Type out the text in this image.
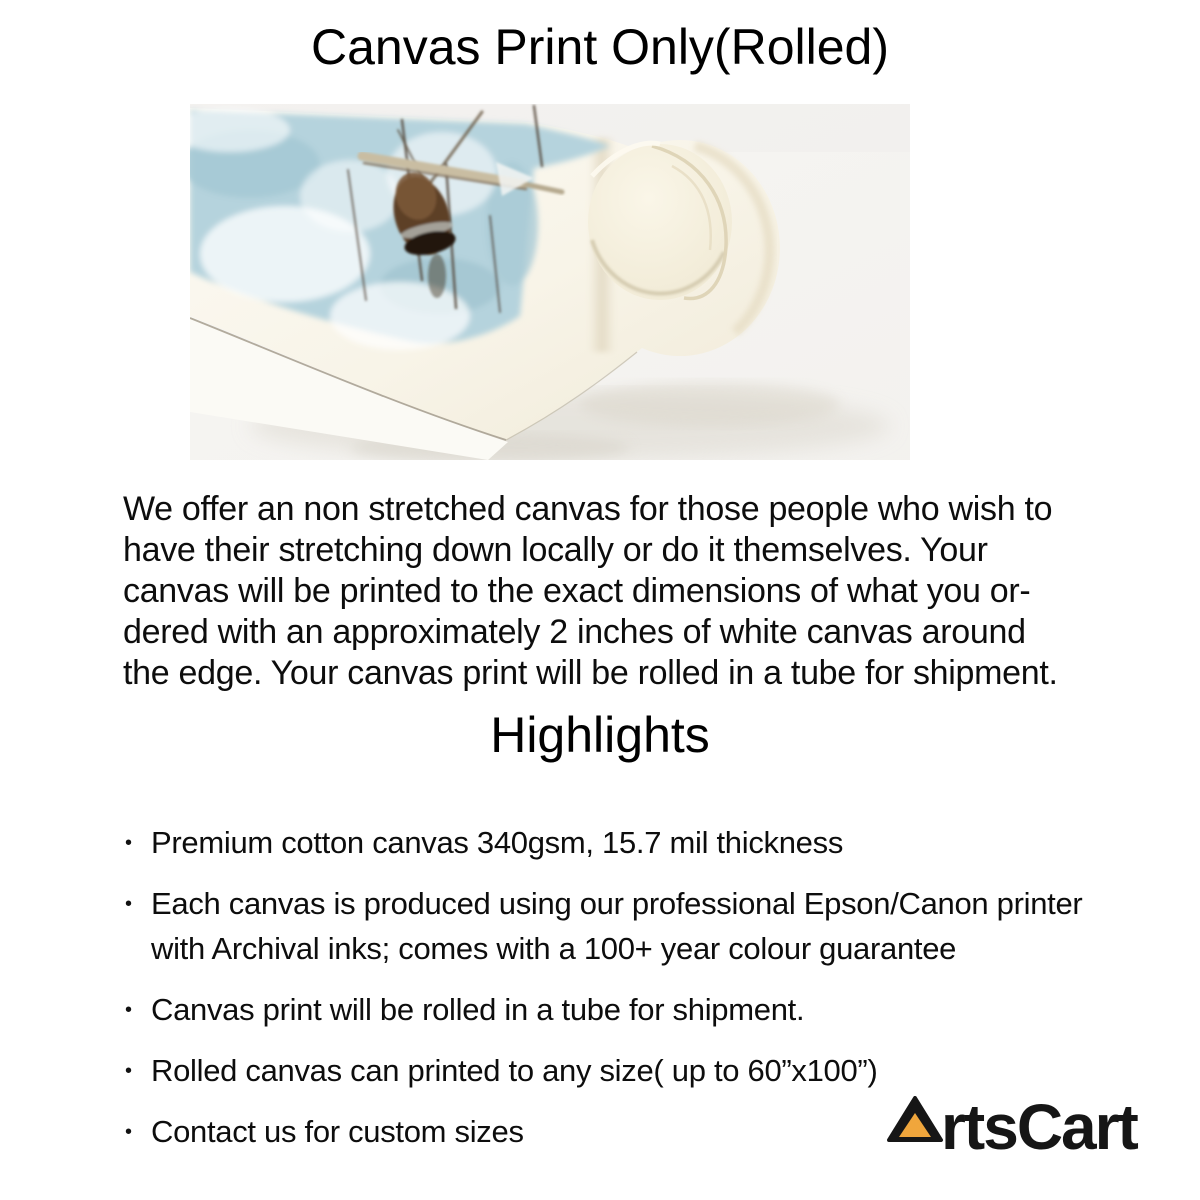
Canvas Print Only(Rolled)
We offer an non stretched canvas for those people who wish to
have their stretching down locally or do it themselves. Your
canvas will be printed to the exact dimensions of what you or-
dered with an approximately 2 inches of white canvas around
the edge. Your canvas print will be rolled in a tube for shipment.
Highlights
• Premium cotton canvas 340gsm, 15.7 mil thickness
• Each canvas is produced using our professional Epson/Canon printer with Archival inks; comes with a 100+ year colour guarantee
• Canvas print will be rolled in a tube for shipment.
• Rolled canvas can printed to any size( up to 60”x100”)
• Contact us for custom sizes	rtsCart
